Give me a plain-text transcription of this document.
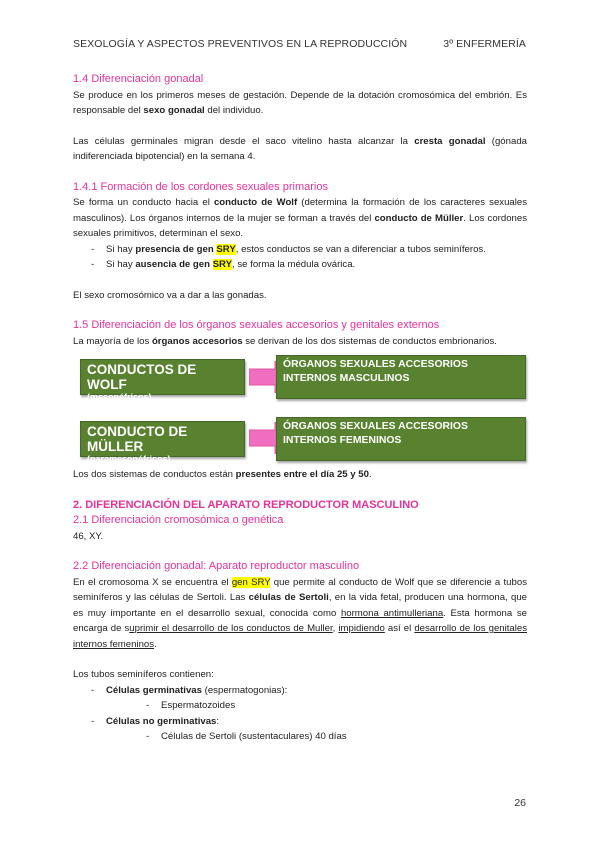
SEXOLOGÍA Y ASPECTOS PREVENTIVOS EN LA REPRODUCCIÓN	3º ENFERMERÍA

1.4 Diferenciación gonadal

Se produce en los primeros meses de gestación. Depende de la dotación cromosómica del embrión. Es responsable del sexo gonadal del individuo.

Las células germinales migran desde el saco vitelino hasta alcanzar la cresta gonadal (gónada indiferenciada bipotencial) en la semana 4.

1.4.1 Formación de los cordones sexuales primarios

Se forma un conducto hacia el conducto de Wolf (determina la formación de los caracteres sexuales masculinos). Los órganos internos de la mujer se forman a través del conducto de Müller. Los cordones sexuales primitivos, determinan el sexo.

- Si hay presencia de gen SRY, estos conductos se van a diferenciar a tubos seminíferos.
- Si hay ausencia de gen SRY, se forma la médula ovárica.

El sexo cromosómico va a dar a las gonadas.

1.5 Diferenciación de los órganos sexuales accesorios y genitales externos

La mayoría de los órganos accesorios se derivan de los dos sistemas de conductos embrionarios.

CONDUCTOS DE WOLF
(mesonéfricos)
ÓRGANOS SEXUALES ACCESORIOS INTERNOS MASCULINOS
CONDUCTO DE MÜLLER
(paramesonéfricos)
ÓRGANOS SEXUALES ACCESORIOS INTERNOS FEMENINOS

Los dos sistemas de conductos están presentes entre el día 25 y 50.

2. DIFERENCIACIÓN DEL APARATO REPRODUCTOR MASCULINO

2.1 Diferenciación cromosómica o genética

46, XY.

2.2 Diferenciación gonadal: Aparato reproductor masculino

En el cromosoma X se encuentra el gen SRY que permite al conducto de Wolf que se diferencie a tubos seminíferos y las células de Sertoli. Las células de Sertoli, en la vida fetal, producen una hormona, que es muy importante en el desarrollo sexual, conocida como hormona antimulleriana. Esta hormona se encarga de suprimir el desarrollo de los conductos de Muller, impidiendo así el desarrollo de los genitales internos femeninos.

Los tubos seminíferos contienen:

- Células germinativas (espermatogonias):
- Espermatozoides
- Células no germinativas:
- Células de Sertoli (sustentaculares) 40 días
26
